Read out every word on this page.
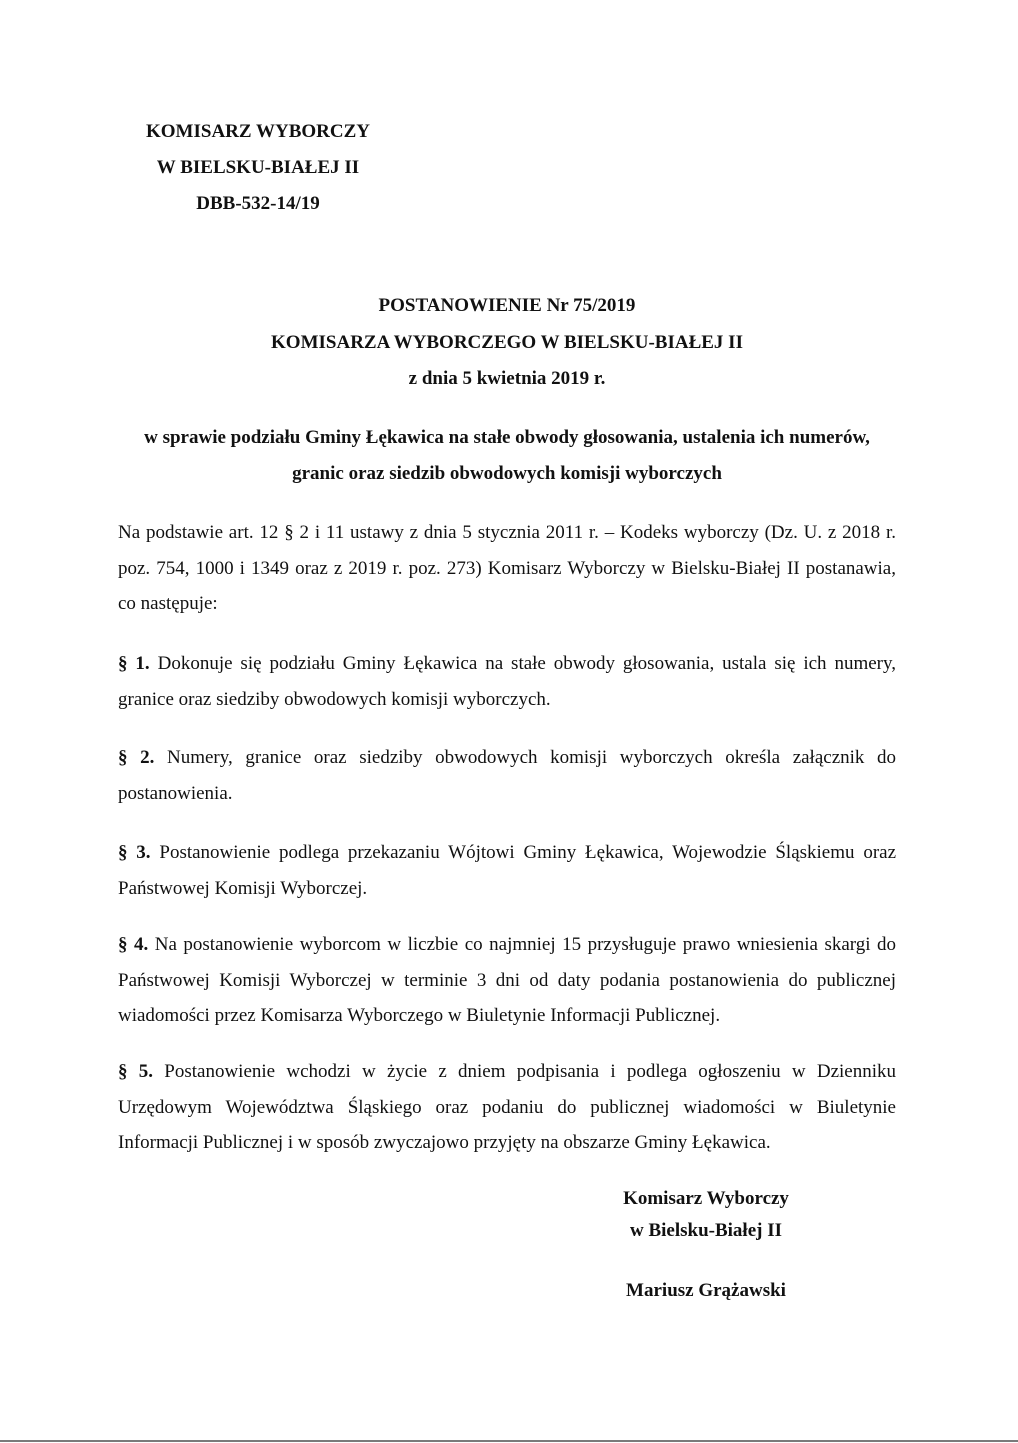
KOMISARZ WYBORCZY
W BIELSKU-BIAŁEJ II
DBB-532-14/19
POSTANOWIENIE Nr 75/2019
KOMISARZA WYBORCZEGO W BIELSKU-BIAŁEJ II
z dnia 5 kwietnia 2019 r.
w sprawie podziału Gminy Łękawica na stałe obwody głosowania, ustalenia ich numerów, granic oraz siedzib obwodowych komisji wyborczych
Na podstawie art. 12 § 2 i 11 ustawy z dnia 5 stycznia 2011 r. – Kodeks wyborczy (Dz. U. z 2018 r. poz. 754, 1000 i 1349 oraz z 2019 r. poz. 273) Komisarz Wyborczy w Bielsku-Białej II postanawia, co następuje:
§ 1. Dokonuje się podziału Gminy Łękawica na stałe obwody głosowania, ustala się ich numery, granice oraz siedziby obwodowych komisji wyborczych.
§ 2. Numery, granice oraz siedziby obwodowych komisji wyborczych określa załącznik do postanowienia.
§ 3. Postanowienie podlega przekazaniu Wójtowi Gminy Łękawica, Wojewodzie Śląskiemu oraz Państwowej Komisji Wyborczej.
§ 4. Na postanowienie wyborcom w liczbie co najmniej 15 przysługuje prawo wniesienia skargi do Państwowej Komisji Wyborczej w terminie 3 dni od daty podania postanowienia do publicznej wiadomości przez Komisarza Wyborczego w Biuletynie Informacji Publicznej.
§ 5. Postanowienie wchodzi w życie z dniem podpisania i podlega ogłoszeniu w Dzienniku Urzędowym Województwa Śląskiego oraz podaniu do publicznej wiadomości w Biuletynie Informacji Publicznej i w sposób zwyczajowo przyjęty na obszarze Gminy Łękawica.
Komisarz Wyborczy
w Bielsku-Białej II
Mariusz Grążawski
